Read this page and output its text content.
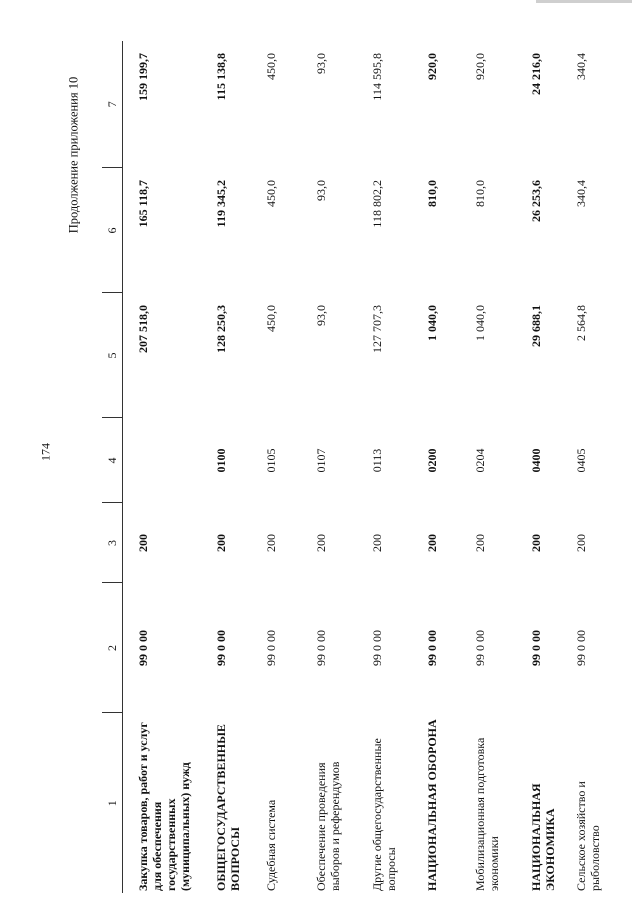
174
Продолжение приложения 10
1	2	3	4	5	6	7
Закупка товаров, работ и услуг для обеспечения государственных (муниципальных) нужд	99 0 00	200		207 518,0	165 118,7	159 199,7
ОБЩЕГОСУДАРСТВЕННЫЕ ВОПРОСЫ	99 0 00	200	0100	128 250,3	119 345,2	115 138,8
Судебная система	99 0 00	200	0105	450,0	450,0	450,0
Обеспечение проведения выборов и референдумов	99 0 00	200	0107	93,0	93,0	93,0
Другие общегосударственные вопросы	99 0 00	200	0113	127 707,3	118 802,2	114 595,8
НАЦИОНАЛЬНАЯ ОБОРОНА	99 0 00	200	0200	1 040,0	810,0	920,0
Мобилизационная подготовка экономики	99 0 00	200	0204	1 040,0	810,0	920,0
НАЦИОНАЛЬНАЯ ЭКОНОМИКА	99 0 00	200	0400	29 688,1	26 253,6	24 216,0
Сельское хозяйство и рыболовство	99 0 00	200	0405	2 564,8	340,4	340,4
